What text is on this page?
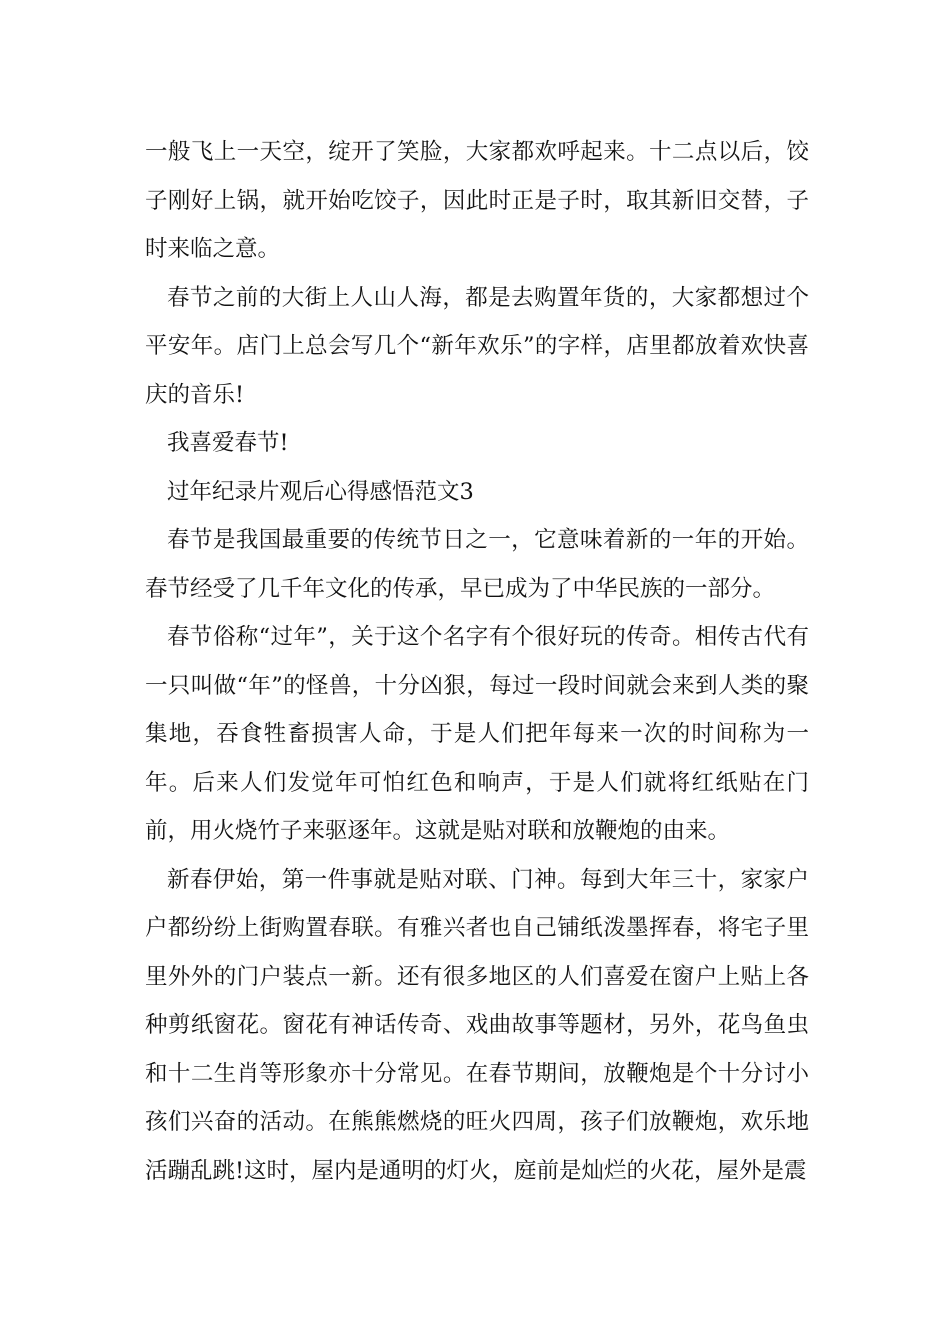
一般飞上一天空，绽开了笑脸，大家都欢呼起来。十二点以后，饺子刚好上锅，就开始吃饺子，因此时正是子时，取其新旧交替，子时来临之意。

春节之前的大街上人山人海，都是去购置年货的，大家都想过个平安年。店门上总会写几个“新年欢乐”的字样，店里都放着欢快喜庆的音乐!

我喜爱春节!

过年纪录片观后心得感悟范文3

春节是我国最重要的传统节日之一，它意味着新的一年的开始。春节经受了几千年文化的传承，早已成为了中华民族的一部分。

春节俗称“过年”，关于这个名字有个很好玩的传奇。相传古代有一只叫做“年”的怪兽，十分凶狠，每过一段时间就会来到人类的聚集地，吞食牲畜损害人命，于是人们把年每来一次的时间称为一年。后来人们发觉年可怕红色和响声，于是人们就将红纸贴在门前，用火烧竹子来驱逐年。这就是贴对联和放鞭炮的由来。

新春伊始，第一件事就是贴对联、门神。每到大年三十，家家户户都纷纷上街购置春联。有雅兴者也自己铺纸泼墨挥春，将宅子里里外外的门户装点一新。还有很多地区的人们喜爱在窗户上贴上各种剪纸窗花。窗花有神话传奇、戏曲故事等题材，另外，花鸟鱼虫和十二生肖等形象亦十分常见。在春节期间，放鞭炮是个十分讨小孩们兴奋的活动。在熊熊燃烧的旺火四周，孩子们放鞭炮，欢乐地活蹦乱跳!这时，屋内是通明的灯火，庭前是灿烂的火花，屋外是震
